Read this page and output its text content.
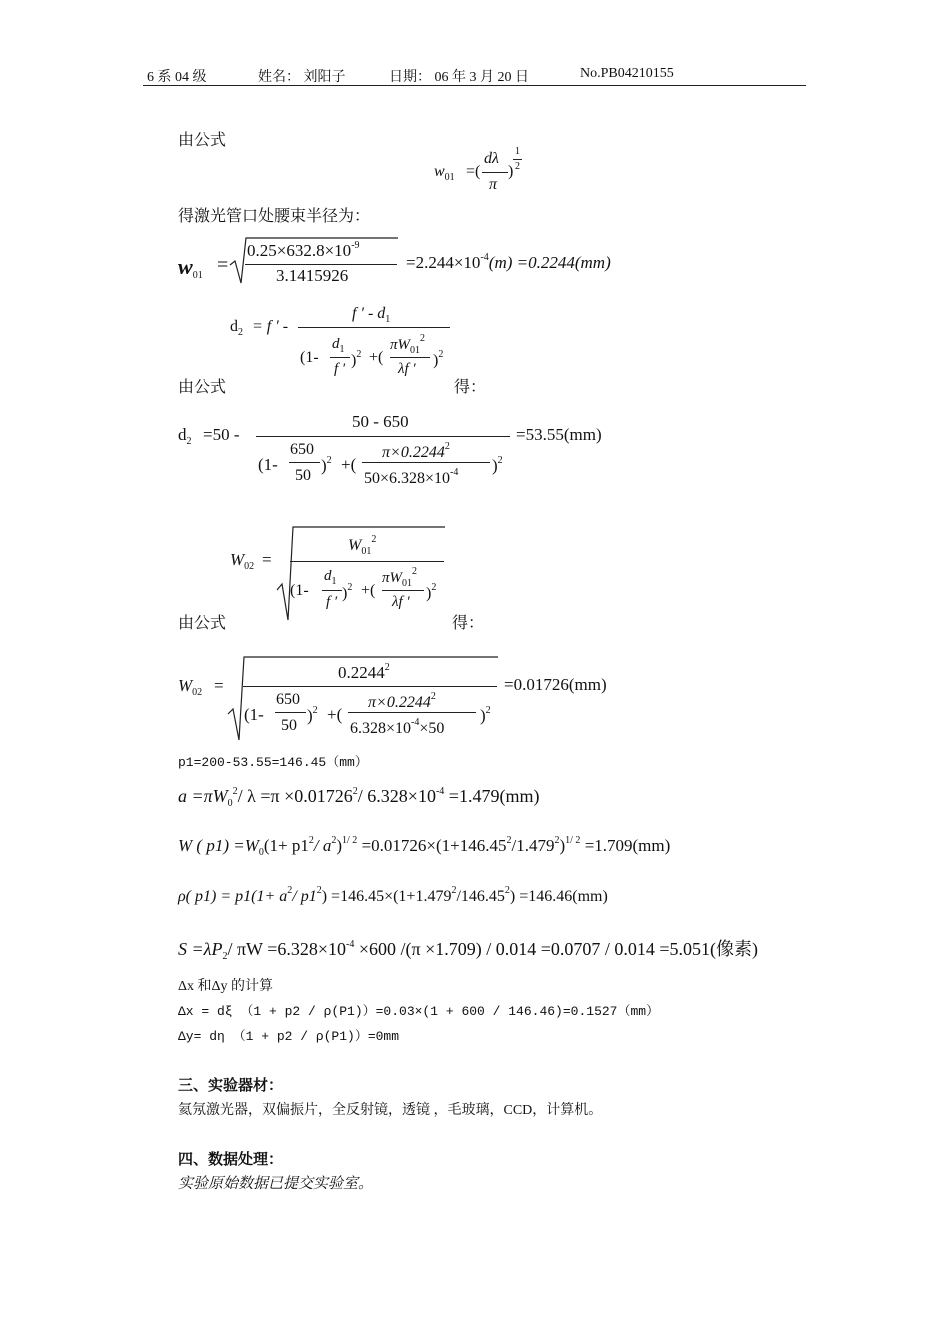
6 系 04 级	姓名： 刘阳子	日期： 06 年 3 月 20 日	No.PB04210155
由公式
$w_{01}$ =(
dλ
π
)
1
2
得激光管口处腰束半径为：
$w_{01}$ =
$0.25\times 632.8\times 10^{-9}$
3.1415926
$=2.244\times 10^{-4}(m) =0.2244(mm)$
$d_2 = f$ ′ -
f ′ - $d_1$
(1-
$d_1$
f ′ )$^2$ +(
$\pi W_{01}^2$
λf ′ )$^2$
由公式	得：
$d_2 =50$ -
50 - 650
(1-
650
50
)$^2$ +(
$\pi\times 0.2244^2$
$50\times 6.328\times 10^{-4}$ )$^2$
=53.55(mm)
$W_{02}$ =
$W_{01}^2$
(1-
$d_1$
f ′ )$^2$ +(
$\pi W_{01}^2$
λf ′ )$^2$
由公式	得：
$W_{02}$ =
$0.2244^2$
(1-
650
50
)$^2$ +(
$\pi\times 0.2244^2$
$6.328\times 10^{-4}\times 50$
)$^2$
=0.01726(mm)
p1=200-53.55=146.45（mm）
$a =\pi W_0^2/$ $\lambda =\pi \times 0.01726^2/$ $6.328\times 10^{-4} =1.479(mm)$
W ( $p1) =W_0(1+ p1^2/$ $a^2)^{1/ 2} =0.01726\times(1+146.45^2/1.479^2)^{1/ 2} =1.709(mm)$
ρ( $p1) = p1(1+ a^2/$ $p1^2) =146.45\times(1+1.479^2/146.45^2) =146.46(mm)$
$S =\lambda P_2/$ $\pi W =6.328\times 10^{-4} \times 600$ /(π ×1.709) / 0.014 =0.0707 / 0.014 =5.051(像素)
Δx 和Δy 的计算
Δx = dξ （1 + p2 / ρ(P1)）=0.03×(1 + 600 / 146.46)=0.1527（mm）
Δy= dη （1 + p2 / ρ(P1)）=0mm
三、实验器材：
氦氖激光器，双偏振片，全反射镜，透镜 ，毛玻璃，CCD，计算机。
四、数据处理：
实验原始数据已提交实验室。
